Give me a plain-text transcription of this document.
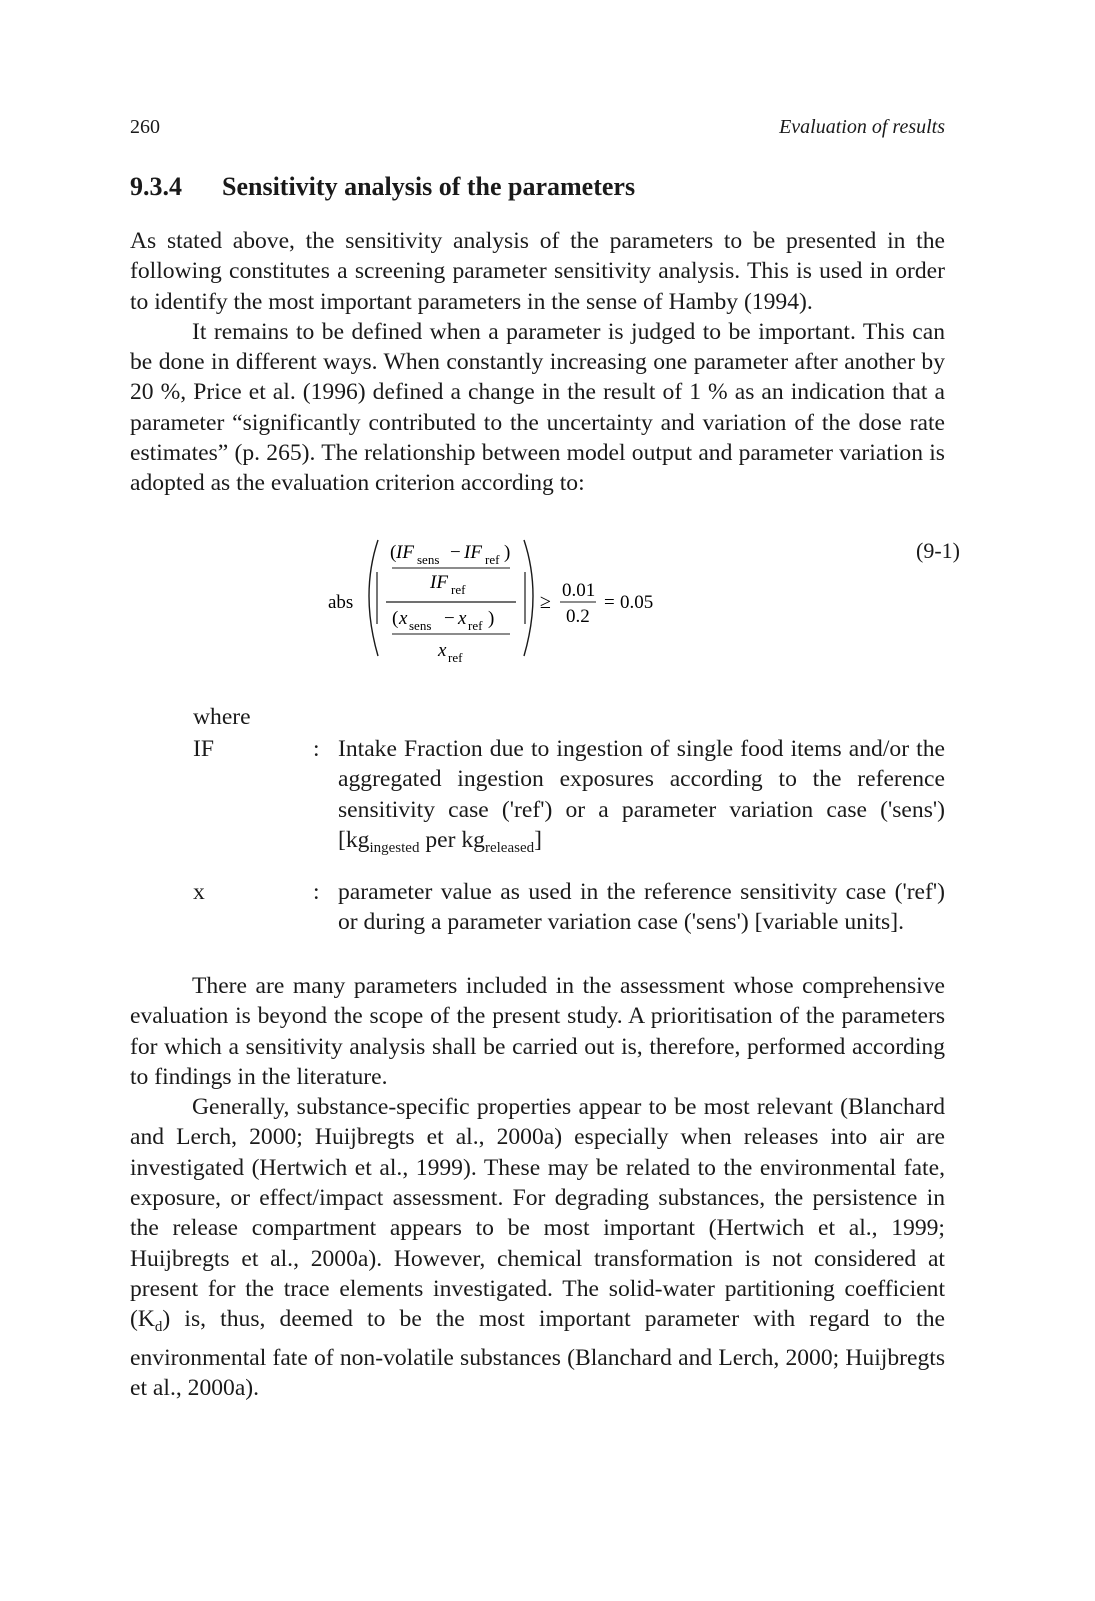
260	Evaluation of results
9.3.4 Sensitivity analysis of the parameters

As stated above, the sensitivity analysis of the parameters to be presented in the following constitutes a screening parameter sensitivity analysis. This is used in order to identify the most important parameters in the sense of Hamby (1994).

It remains to be defined when a parameter is judged to be important. This can be done in different ways. When constantly increasing one parameter after another by 20 %, Price et al. (1996) defined a change in the result of 1 % as an indication that a parameter “significantly contributed to the uncertainty and variation of the dose rate estimates” (p. 265). The relationship between model output and parameter variation is adopted as the evaluation criterion according to:

abs
( IF sens − IF ref )
IF ref
( x sens − x ref )
x ref
≥
0.01
0.2
= 0.05
(9-1)
where
IF	: Intake Fraction due to ingestion of single food items and/or the aggregated ingestion exposures according to the reference sensitivity case ('ref') or a parameter variation case ('sens') [$kg_{ingested}$ per $kg_{released}$]
x	: parameter value as used in the reference sensitivity case ('ref') or during a parameter variation case ('sens') [variable units].

There are many parameters included in the assessment whose comprehensive evaluation is beyond the scope of the present study. A prioritisation of the parameters for which a sensitivity analysis shall be carried out is, therefore, performed according to findings in the literature.

Generally, substance-specific properties appear to be most relevant (Blanchard and Lerch, 2000; Huijbregts et al., 2000a) especially when releases into air are investigated (Hertwich et al., 1999). These may be related to the environmental fate, exposure, or effect/impact assessment. For degrading substances, the persistence in the release compartment appears to be most important (Hertwich et al., 1999; Huijbregts et al., 2000a). However, chemical transformation is not considered at present for the trace elements investigated. The solid-water partitioning coefficient $(K_d)$ is, thus, deemed to be the most important parameter with regard to the environmental fate of non-volatile substances (Blanchard and Lerch, 2000; Huijbregts et al., 2000a).
